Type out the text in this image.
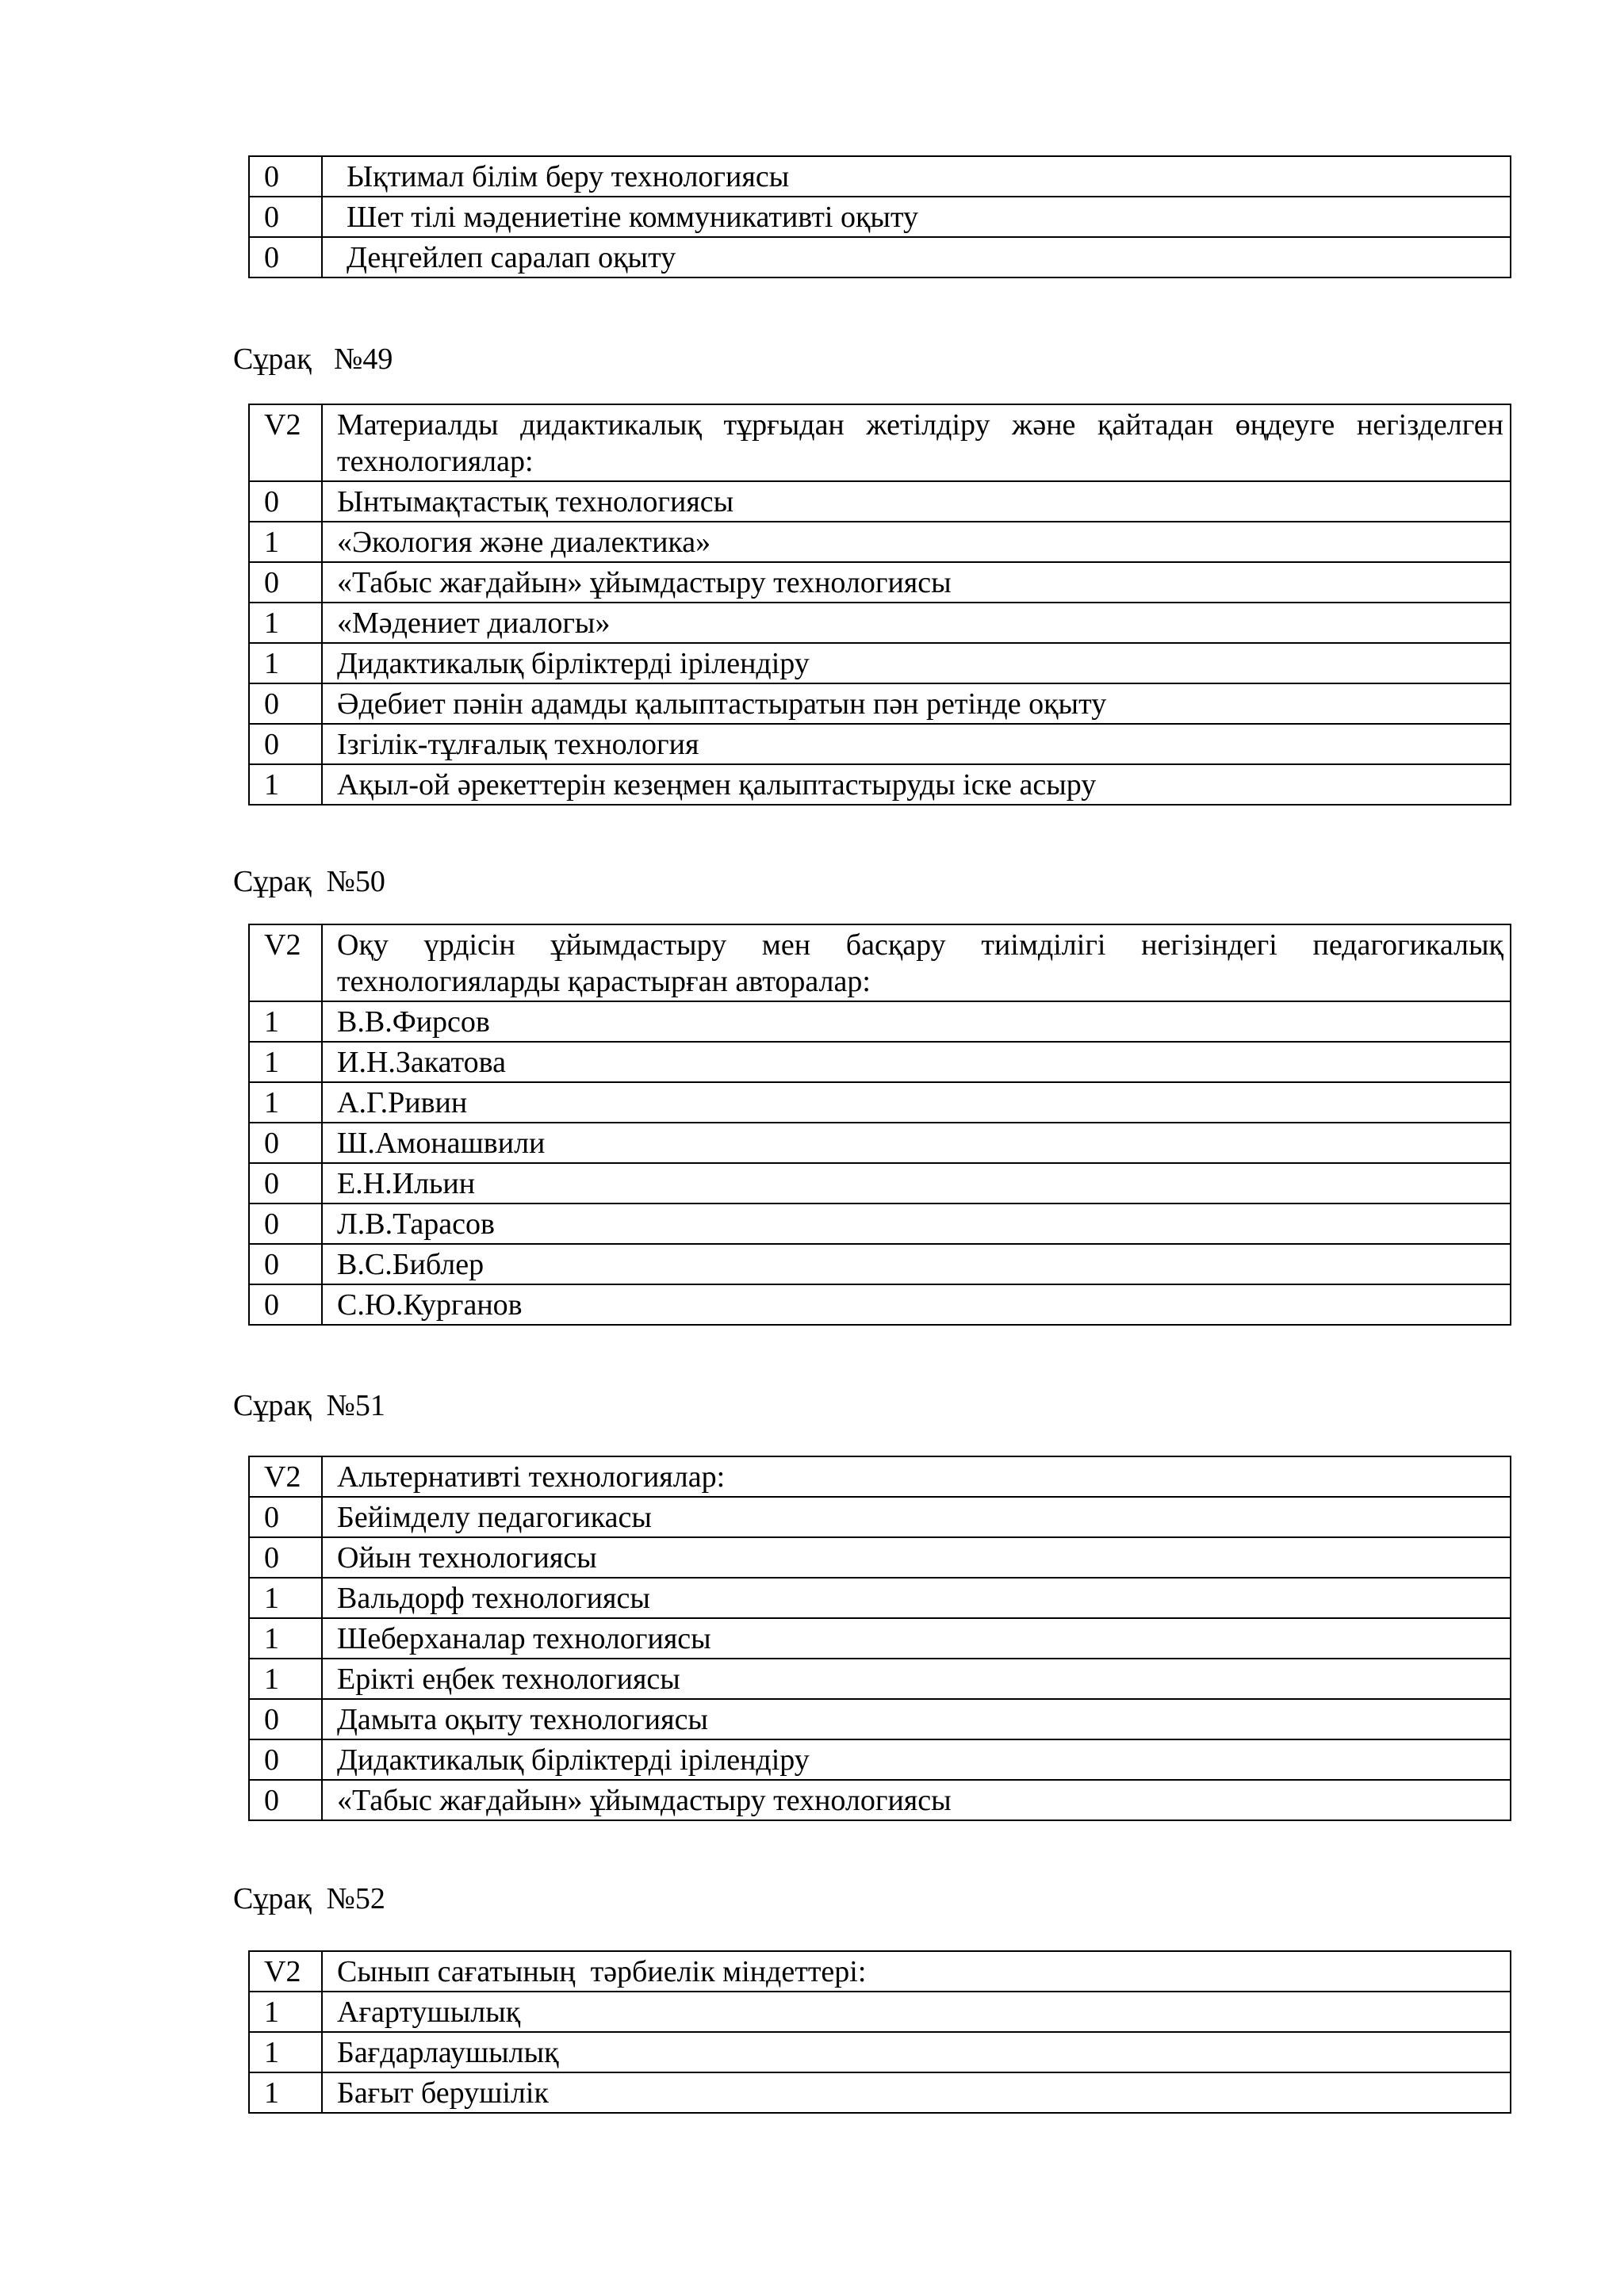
0	Ықтимал білім беру технологиясы
0	Шет тілі мәдениетіне коммуникативті оқыту
0	Деңгейлеп саралап оқыту
Сұрақ   №49
V2	Материалды дидактикалық тұрғыдан жетілдіру және қайтадан өңдеуге негізделген технологиялар:
0	Ынтымақтастық технологиясы
1	«Экология және диалектика»
0	«Табыс жағдайын» ұйымдастыру технологиясы
1	«Мәдениет диалогы»
1	Дидактикалық бірліктерді ірілендіру
0	Әдебиет пәнін адамды қалыптастыратын пән ретінде оқыту
0	Ізгілік-тұлғалық технология
1	Ақыл-ой әрекеттерін кезеңмен қалыптастыруды іске асыру
Сұрақ  №50
V2	Оқу үрдісін ұйымдастыру мен басқару тиімділігі негізіндегі педагогикалық технологияларды қарастырған авторалар:
1	В.В.Фирсов
1	И.Н.Закатова
1	А.Г.Ривин
0	Ш.Амонашвили
0	Е.Н.Ильин
0	Л.В.Тарасов
0	В.С.Библер
0	С.Ю.Курганов
Сұрақ  №51
V2	Альтернативті технологиялар:
0	Бейімделу педагогикасы
0	Ойын технологиясы
1	Вальдорф технологиясы
1	Шеберханалар технологиясы
1	Ерікті еңбек технологиясы
0	Дамыта оқыту технологиясы
0	Дидактикалық бірліктерді ірілендіру
0	«Табыс жағдайын» ұйымдастыру технологиясы
Сұрақ  №52
V2	Сынып сағатының  тәрбиелік міндеттері:
1	Ағартушылық
1	Бағдарлаушылық
1	Бағыт берушілік
